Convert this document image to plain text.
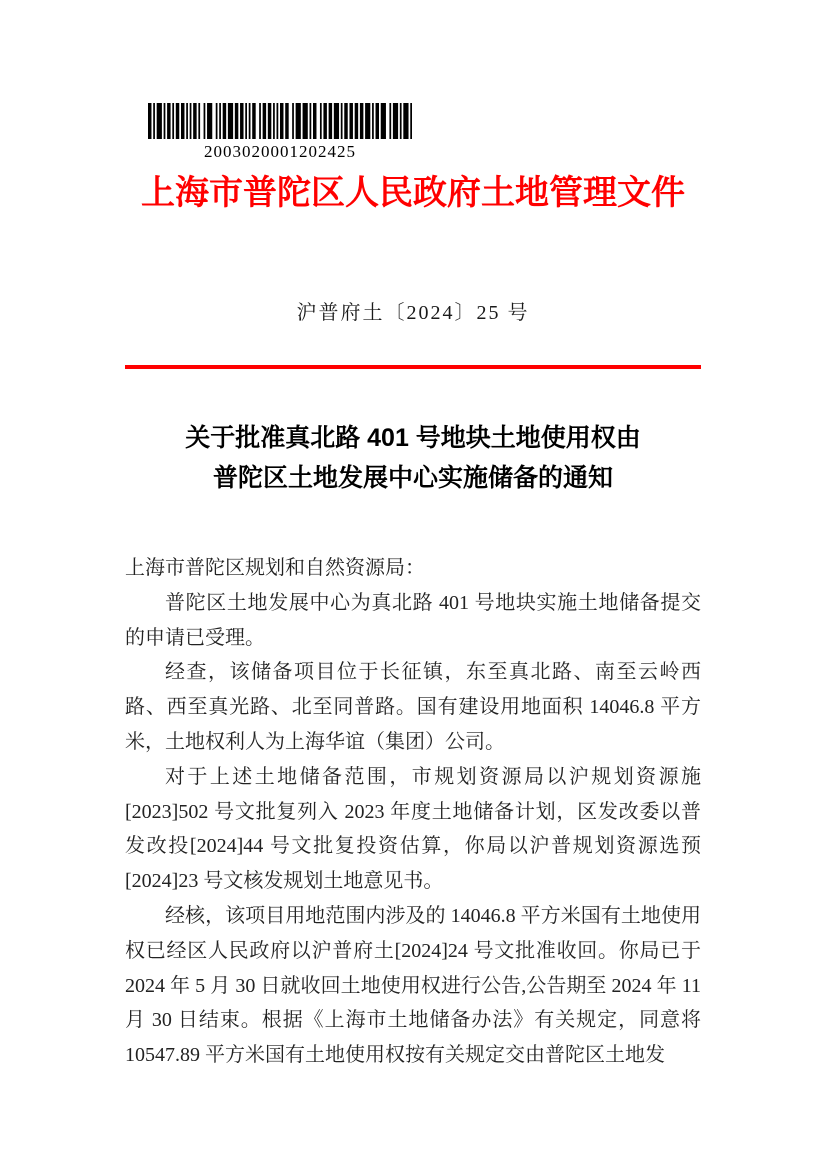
2003020001202425
上海市普陀区人民政府土地管理文件
沪普府土〔2024〕25 号
关于批准真北路 401 号地块土地使用权由
普陀区土地发展中心实施储备的通知

上海市普陀区规划和自然资源局：

普陀区土地发展中心为真北路 401 号地块实施土地储备提交的申请已受理。

经查，该储备项目位于长征镇，东至真北路、南至云岭西路、西至真光路、北至同普路。国有建设用地面积 14046.8 平方米，土地权利人为上海华谊（集团）公司。

对于上述土地储备范围，市规划资源局以沪规划资源施[2023]502 号文批复列入 2023 年度土地储备计划，区发改委以普发改投[2024]44 号文批复投资估算，你局以沪普规划资源选预[2024]23 号文核发规划土地意见书。

经核，该项目用地范围内涉及的 14046.8 平方米国有土地使用权已经区人民政府以沪普府土[2024]24 号文批准收回。你局已于 2024 年 5 月 30 日就收回土地使用权进行公告,公告期至 2024 年 11 月 30 日结束。根据《上海市土地储备办法》有关规定，同意将 10547.89 平方米国有土地使用权按有关规定交由普陀区土地发
